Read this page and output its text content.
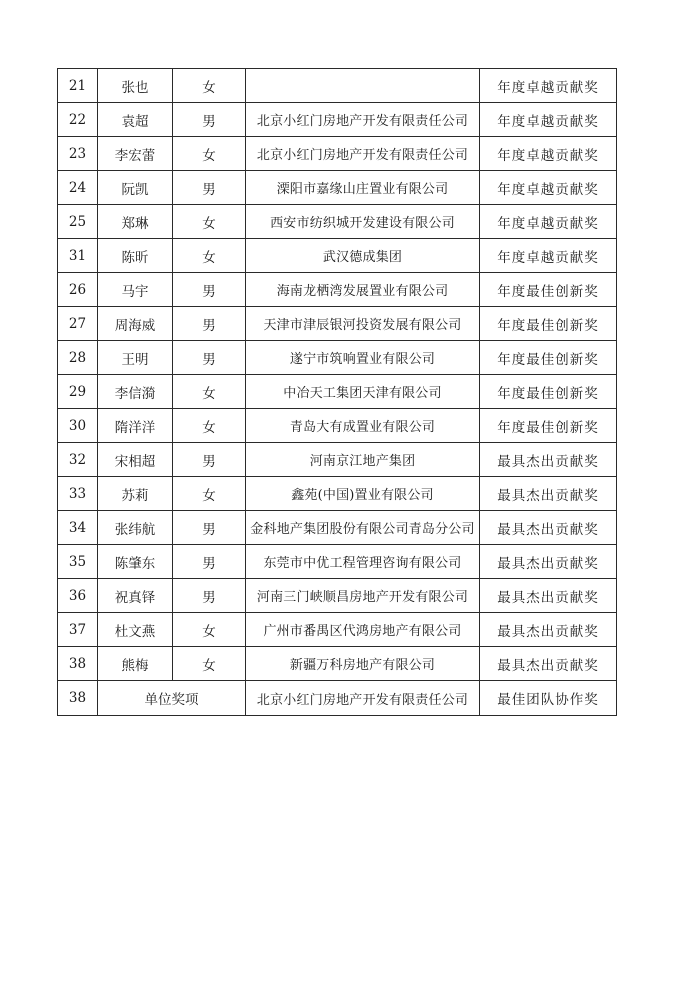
21	张也	女		年度卓越贡献奖
22	袁超	男	北京小红门房地产开发有限责任公司	年度卓越贡献奖
23	李宏蕾	女	北京小红门房地产开发有限责任公司	年度卓越贡献奖
24	阮凯	男	溧阳市嘉缘山庄置业有限公司	年度卓越贡献奖
25	郑琳	女	西安市纺织城开发建设有限公司	年度卓越贡献奖
31	陈昕	女	武汉德成集团	年度卓越贡献奖
26	马宇	男	海南龙栖湾发展置业有限公司	年度最佳创新奖
27	周海威	男	天津市津辰银河投资发展有限公司	年度最佳创新奖
28	王明	男	遂宁市筑响置业有限公司	年度最佳创新奖
29	李信漪	女	中冶天工集团天津有限公司	年度最佳创新奖
30	隋洋洋	女	青岛大有成置业有限公司	年度最佳创新奖
32	宋相超	男	河南京江地产集团	最具杰出贡献奖
33	苏莉	女	鑫苑(中国)置业有限公司	最具杰出贡献奖
34	张纬航	男	金科地产集团股份有限公司青岛分公司	最具杰出贡献奖
35	陈肇东	男	东莞市中优工程管理咨询有限公司	最具杰出贡献奖
36	祝真铎	男	河南三门峡顺昌房地产开发有限公司	最具杰出贡献奖
37	杜文燕	女	广州市番禺区代鸿房地产有限公司	最具杰出贡献奖
38	熊梅	女	新疆万科房地产有限公司	最具杰出贡献奖
38	单位奖项		北京小红门房地产开发有限责任公司	最佳团队协作奖
